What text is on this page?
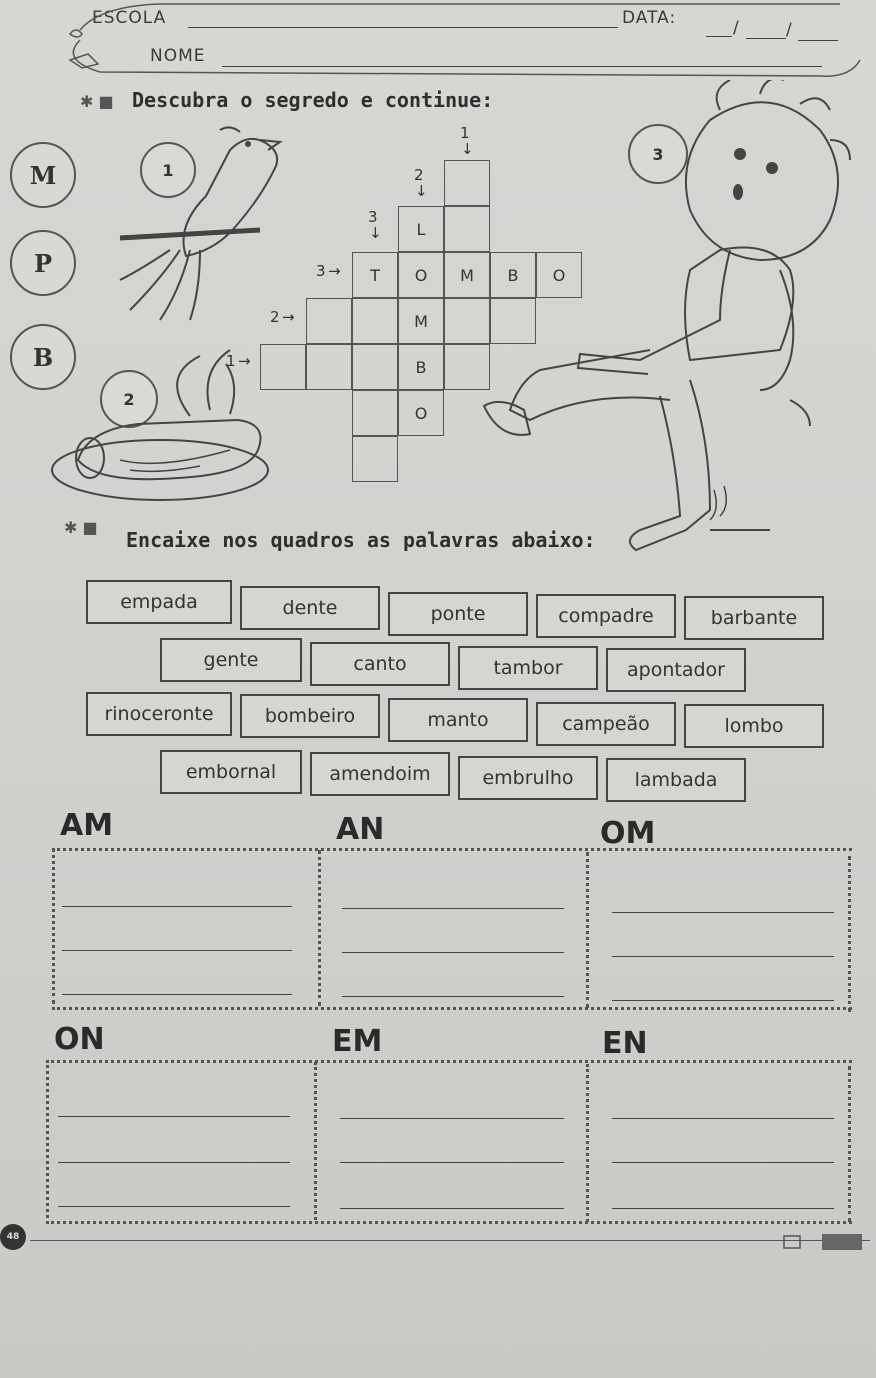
ESCOLA	DATA:	/	/
NOME
✱ ■ Descubra o segredo e continue:
M
P
B
1
2
1
↓
2
↓
3
↓
3 →
2 →
1 →
L
T	O	M	B	O
M
B
O
3
✱ ■
Encaixe nos quadros as palavras abaixo:
empada	dente	ponte	compadre	barbante
gente	canto	tambor	apontador
rinoceronte	bombeiro	manto	campeão	lombo
embornal	amendoim	embrulho	lambada
AM	AN	OM
ON	EM	EN
48
